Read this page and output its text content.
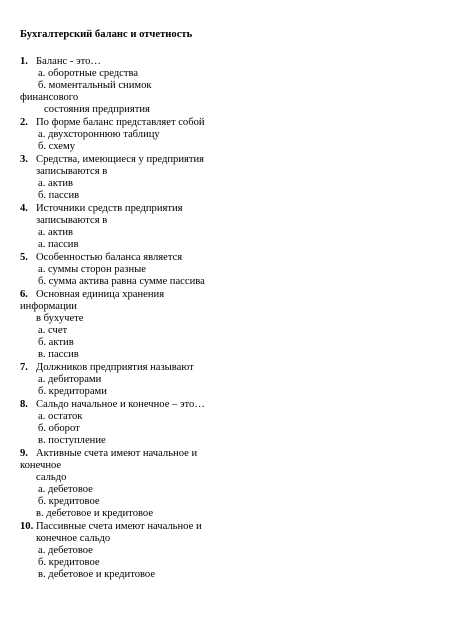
Бухгалтерский баланс и отчетность
1. Баланс - это…
а. оборотные средства
б. моментальный снимок
финансового
состояния предприятия
2. По форме баланс представляет собой
а. двухстороннюю таблицу
б. схему
3. Средства, имеющиеся у предприятия
записываются в
а. актив
б. пассив
4. Источники средств предприятия
записываются в
а. актив
а. пассив
5. Особенностью баланса является
а. суммы сторон разные
б. сумма актива равна сумме пассива
6. Основная единица хранения
информации
в бухучете
а. счет
б. актив
в. пассив
7. Должников предприятия называют
а. дебиторами
б. кредиторами
8. Сальдо начальное и конечное – это…
а. остаток
б. оборот
в. поступление
9. Активные счета имеют начальное и
конечное
сальдо
а. дебетовое
б. кредитовое
в. дебетовое и кредитовое
10. Пассивные счета имеют начальное и
конечное сальдо
а. дебетовое
б. кредитовое
в. дебетовое и кредитовое
